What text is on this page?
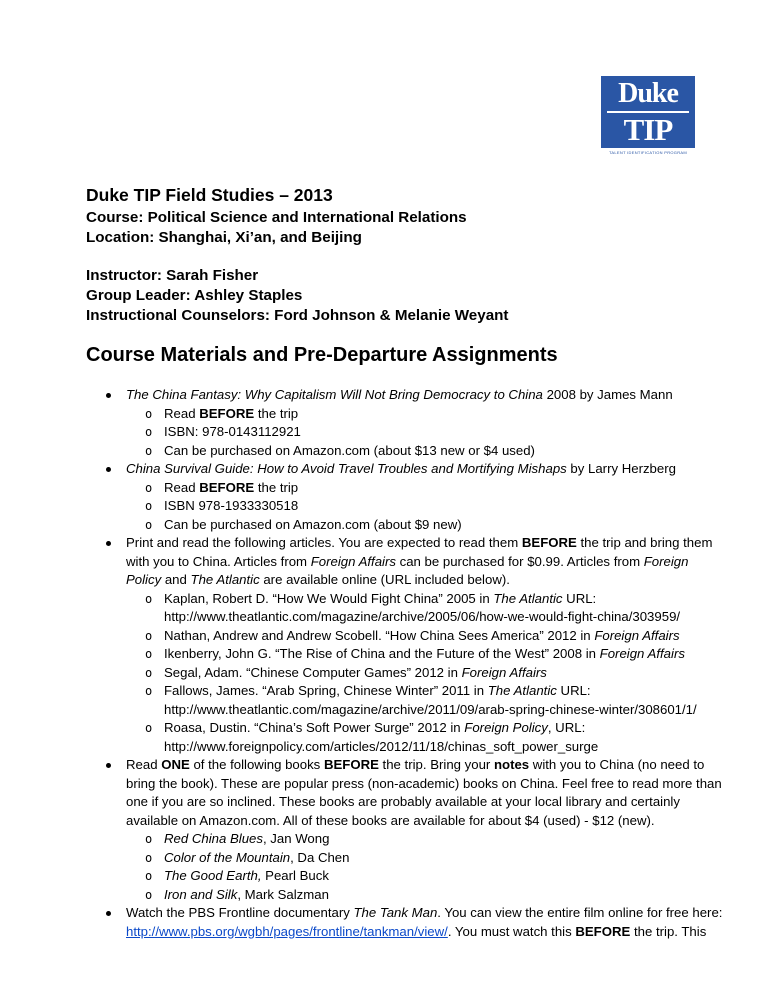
Duke
TIP
TALENT IDENTIFICATION PROGRAM
Duke TIP Field Studies – 2013
Course: Political Science and International Relations
Location: Shanghai, Xi’an, and Beijing
Instructor: Sarah Fisher
Group Leader: Ashley Staples
Instructional Counselors: Ford Johnson & Melanie Weyant
Course Materials and Pre-Departure Assignments
The China Fantasy: Why Capitalism Will Not Bring Democracy to China 2008 by James Mann
o Read BEFORE the trip
o ISBN: 978-0143112921
o Can be purchased on Amazon.com (about $13 new or $4 used)
China Survival Guide: How to Avoid Travel Troubles and Mortifying Mishaps by Larry Herzberg
o Read BEFORE the trip
o ISBN 978-1933330518
o Can be purchased on Amazon.com (about $9 new)
Print and read the following articles. You are expected to read them BEFORE the trip and bring them with you to China. Articles from Foreign Affairs can be purchased for $0.99. Articles from Foreign Policy and The Atlantic are available online (URL included below).
o Kaplan, Robert D. “How We Would Fight China” 2005 in The Atlantic URL: http://www.theatlantic.com/magazine/archive/2005/06/how-we-would-fight-china/303959/
o Nathan, Andrew and Andrew Scobell. “How China Sees America” 2012 in Foreign Affairs
o Ikenberry, John G. “The Rise of China and the Future of the West” 2008 in Foreign Affairs
o Segal, Adam. “Chinese Computer Games” 2012 in Foreign Affairs
o Fallows, James. “Arab Spring, Chinese Winter” 2011 in The Atlantic URL: http://www.theatlantic.com/magazine/archive/2011/09/arab-spring-chinese-winter/308601/1/
o Roasa, Dustin. “China’s Soft Power Surge” 2012 in Foreign Policy, URL: http://www.foreignpolicy.com/articles/2012/11/18/chinas_soft_power_surge
Read ONE of the following books BEFORE the trip. Bring your notes with you to China (no need to bring the book). These are popular press (non-academic) books on China. Feel free to read more than one if you are so inclined. These books are probably available at your local library and certainly available on Amazon.com. All of these books are available for about $4 (used) - $12 (new).
o Red China Blues, Jan Wong
o Color of the Mountain, Da Chen
o The Good Earth, Pearl Buck
o Iron and Silk, Mark Salzman
Watch the PBS Frontline documentary The Tank Man. You can view the entire film online for free here: http://www.pbs.org/wgbh/pages/frontline/tankman/view/. You must watch this BEFORE the trip. This
